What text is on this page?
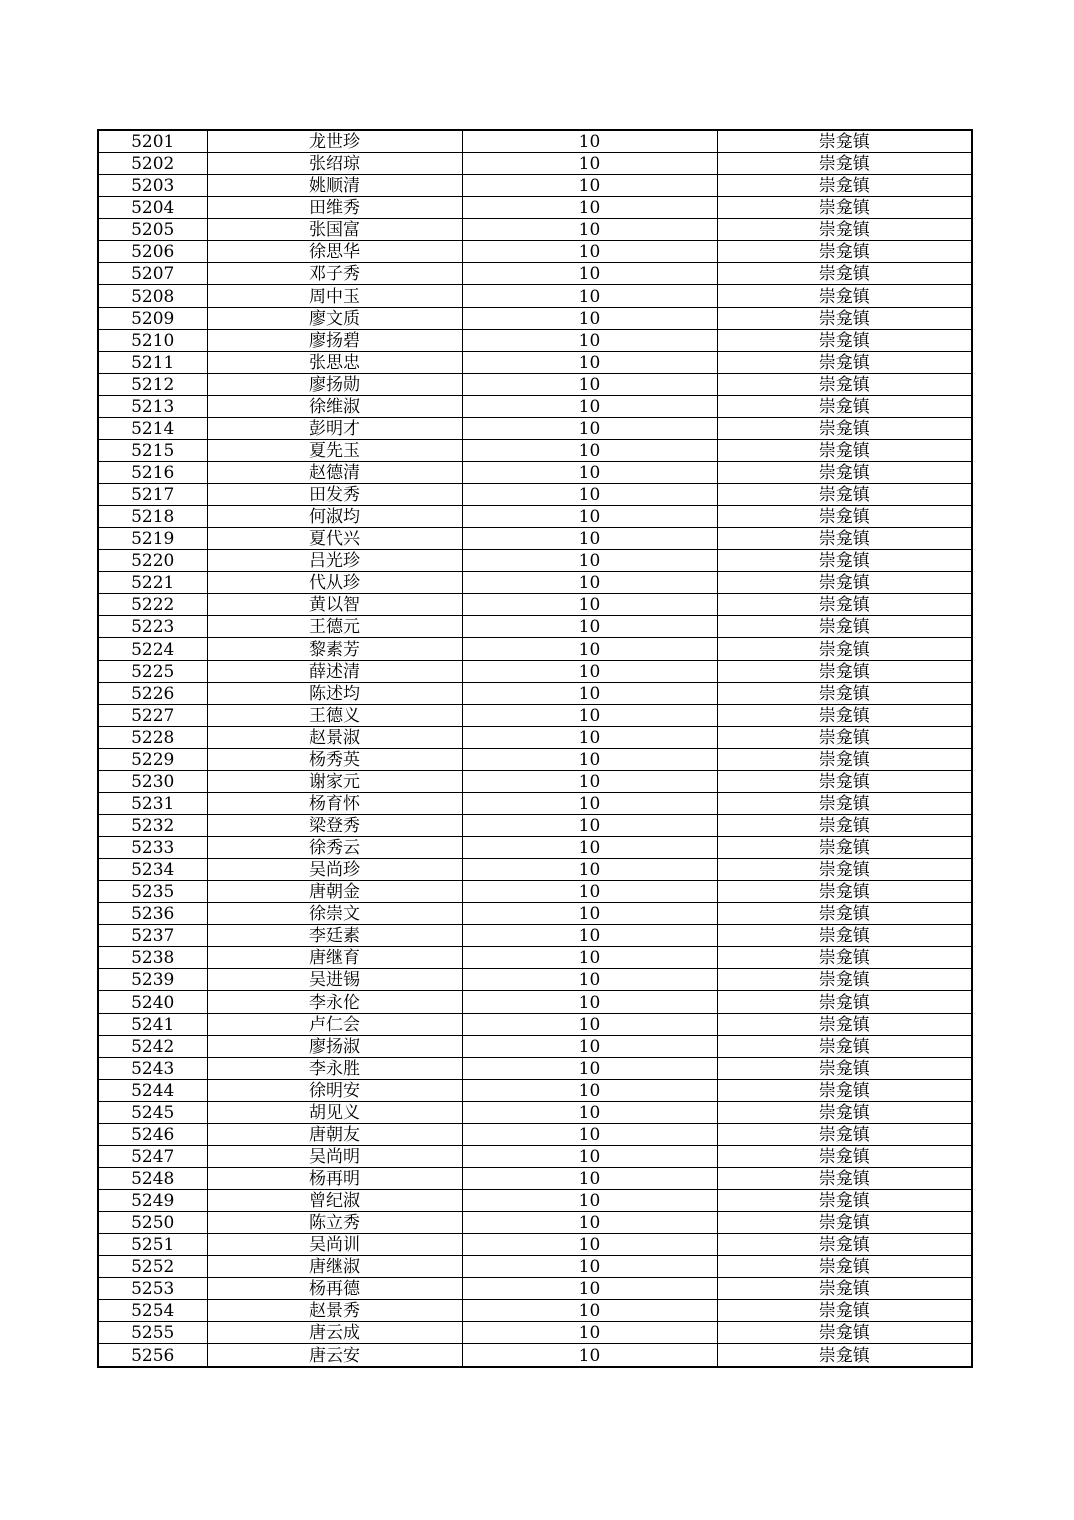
5201	龙世珍	10	崇龛镇
5202	张绍琼	10	崇龛镇
5203	姚顺清	10	崇龛镇
5204	田维秀	10	崇龛镇
5205	张国富	10	崇龛镇
5206	徐思华	10	崇龛镇
5207	邓子秀	10	崇龛镇
5208	周中玉	10	崇龛镇
5209	廖文质	10	崇龛镇
5210	廖扬碧	10	崇龛镇
5211	张思忠	10	崇龛镇
5212	廖扬勋	10	崇龛镇
5213	徐维淑	10	崇龛镇
5214	彭明才	10	崇龛镇
5215	夏先玉	10	崇龛镇
5216	赵德清	10	崇龛镇
5217	田发秀	10	崇龛镇
5218	何淑均	10	崇龛镇
5219	夏代兴	10	崇龛镇
5220	吕光珍	10	崇龛镇
5221	代从珍	10	崇龛镇
5222	黄以智	10	崇龛镇
5223	王德元	10	崇龛镇
5224	黎素芳	10	崇龛镇
5225	薛述清	10	崇龛镇
5226	陈述均	10	崇龛镇
5227	王德义	10	崇龛镇
5228	赵景淑	10	崇龛镇
5229	杨秀英	10	崇龛镇
5230	谢家元	10	崇龛镇
5231	杨育怀	10	崇龛镇
5232	梁登秀	10	崇龛镇
5233	徐秀云	10	崇龛镇
5234	吴尚珍	10	崇龛镇
5235	唐朝金	10	崇龛镇
5236	徐崇文	10	崇龛镇
5237	李廷素	10	崇龛镇
5238	唐继育	10	崇龛镇
5239	吴进锡	10	崇龛镇
5240	李永伦	10	崇龛镇
5241	卢仁会	10	崇龛镇
5242	廖扬淑	10	崇龛镇
5243	李永胜	10	崇龛镇
5244	徐明安	10	崇龛镇
5245	胡见义	10	崇龛镇
5246	唐朝友	10	崇龛镇
5247	吴尚明	10	崇龛镇
5248	杨再明	10	崇龛镇
5249	曾纪淑	10	崇龛镇
5250	陈立秀	10	崇龛镇
5251	吴尚训	10	崇龛镇
5252	唐继淑	10	崇龛镇
5253	杨再德	10	崇龛镇
5254	赵景秀	10	崇龛镇
5255	唐云成	10	崇龛镇
5256	唐云安	10	崇龛镇
